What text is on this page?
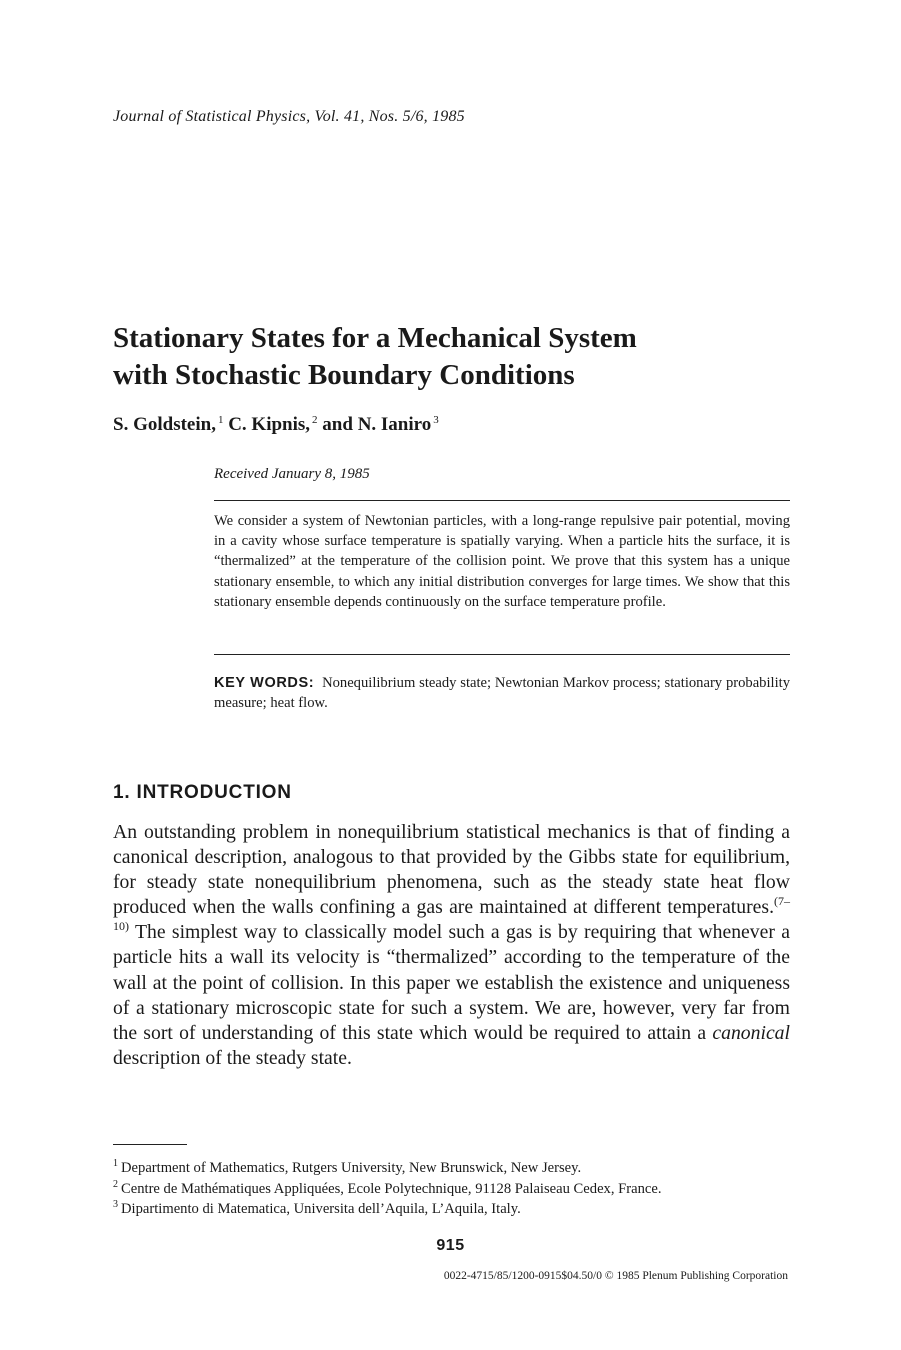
Journal of Statistical Physics, Vol. 41, Nos. 5/6, 1985
Stationary States for a Mechanical System
with Stochastic Boundary Conditions
S. Goldstein, $^1$ C. Kipnis, $^2$ and N. Ianiro $^3$
Received January 8, 1985
We consider a system of Newtonian particles, with a long-range repulsive pair potential, moving in a cavity whose surface temperature is spatially varying. When a particle hits the surface, it is “thermalized” at the temperature of the collision point. We prove that this system has a unique stationary ensemble, to which any initial distribution converges for large times. We show that this stationary ensemble depends continuously on the surface temperature profile.
KEY WORDS: Nonequilibrium steady state; Newtonian Markov process; stationary probability measure; heat flow.
1. INTRODUCTION
An outstanding problem in nonequilibrium statistical mechanics is that of finding a canonical description, analogous to that provided by the Gibbs state for equilibrium, for steady state nonequilibrium phenomena, such as the steady state heat flow produced when the walls confining a gas are maintained at different temperatures.$^{(7-10)}$ The simplest way to classically model such a gas is by requiring that whenever a particle hits a wall its velocity is “thermalized” according to the temperature of the wall at the point of collision. In this paper we establish the existence and uniqueness of a stationary microscopic state for such a system. We are, however, very far from the sort of understanding of this state which would be required to attain a canonical description of the steady state.
$^1$ Department of Mathematics, Rutgers University, New Brunswick, New Jersey.
$^2$ Centre de Mathématiques Appliquées, Ecole Polytechnique, 91128 Palaiseau Cedex, France.
$^3$ Dipartimento di Matematica, Universita dell’Aquila, L’Aquila, Italy.
915
0022-4715/85/1200-0915$04.50/0 © 1985 Plenum Publishing Corporation
